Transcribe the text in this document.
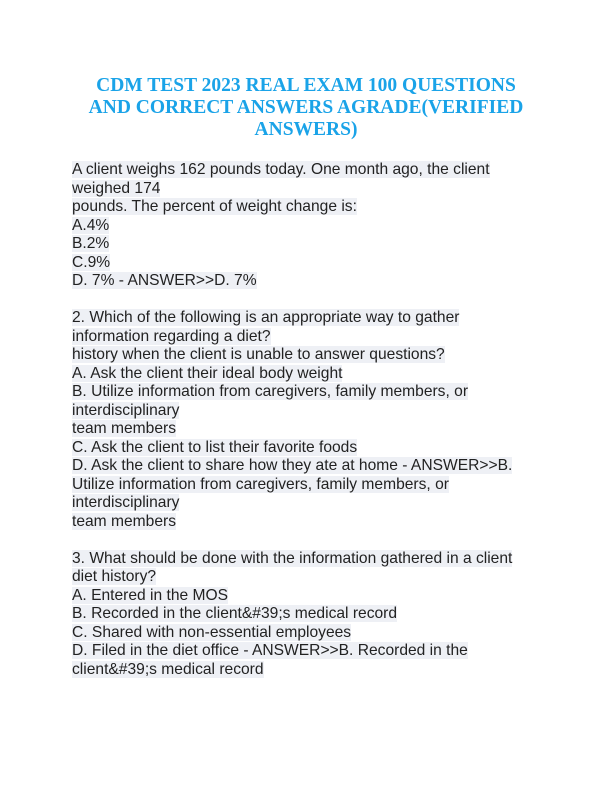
CDM TEST 2023 REAL EXAM 100 QUESTIONS
AND CORRECT ANSWERS AGRADE(VERIFIED
ANSWERS)
A client weighs 162 pounds today. One month ago, the client
weighed 174
pounds. The percent of weight change is:
A.4%
B.2%
C.9%
D. 7% - ANSWER>>D. 7%
2. Which of the following is an appropriate way to gather
information regarding a diet?
history when the client is unable to answer questions?
A. Ask the client their ideal body weight
B. Utilize information from caregivers, family members, or
interdisciplinary
team members
C. Ask the client to list their favorite foods
D. Ask the client to share how they ate at home - ANSWER>>B.
Utilize information from caregivers, family members, or
interdisciplinary
team members
3. What should be done with the information gathered in a client
diet history?
A. Entered in the MOS
B. Recorded in the client&#39;s medical record
C. Shared with non-essential employees
D. Filed in the diet office - ANSWER>>B. Recorded in the
client&#39;s medical record
